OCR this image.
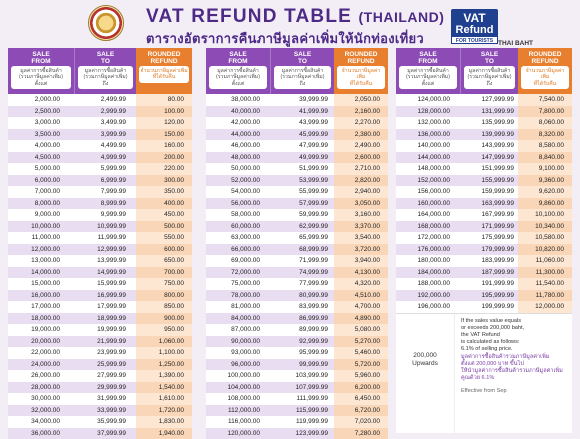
VAT REFUND TABLE (THAILAND)
ตารางอัตราการคืนภาษีมูลค่าเพิ่มให้นักท่องเที่ยว
VAT
Refund
FOR TOURISTS THAI BAHT
SALE
FROM
มูลค่าการซื้อสินค้า
(รวมภาษีมูลค่าเพิ่ม)
ตั้งแต่
SALE
TO
มูลค่าการซื้อสินค้า
(รวมภาษีมูลค่าเพิ่ม)
ถึง
ROUNDED
REFUND
จำนวนภาษีมูลค่าเพิ่ม
ที่ได้รับคืน
2,000.00	2,499.99	80.00
2,500.00	2,999.99	100.00
3,000.00	3,499.99	120.00
3,500.00	3,999.99	150.00
4,000.00	4,499.99	160.00
4,500.00	4,999.99	200.00
5,000.00	5,999.99	220.00
6,000.00	6,999.99	300.00
7,000.00	7,999.99	350.00
8,000.00	8,999.99	400.00
9,000.00	9,999.99	450.00
10,000.00	10,999.99	500.00
11,000.00	11,999.99	550.00
12,000.00	12,999.99	600.00
13,000.00	13,999.99	650.00
14,000.00	14,999.99	700.00
15,000.00	15,999.99	750.00
16,000.00	16,999.99	800.00
17,000.00	17,999.99	850.00
18,000.00	18,999.99	900.00
19,000.00	19,999.99	950.00
20,000.00	21,999.99	1,060.00
22,000.00	23,999.99	1,100.00
24,000.00	25,999.99	1,250.00
26,000.00	27,999.99	1,390.00
28,000.00	29,999.99	1,540.00
30,000.00	31,999.99	1,610.00
32,000.00	33,999.99	1,720.00
34,000.00	35,999.99	1,830.00
36,000.00	37,999.99	1,940.00
SALE
FROM
มูลค่าการซื้อสินค้า
(รวมภาษีมูลค่าเพิ่ม)
ตั้งแต่
SALE
TO
มูลค่าการซื้อสินค้า
(รวมภาษีมูลค่าเพิ่ม)
ถึง
ROUNDED
REFUND
จำนวนภาษีมูลค่าเพิ่ม
ที่ได้รับคืน
38,000.00	39,999.99	2,050.00
40,000.00	41,999.99	2,160.00
42,000.00	43,999.99	2,270.00
44,000.00	45,999.99	2,380.00
46,000.00	47,999.99	2,490.00
48,000.00	49,999.99	2,600.00
50,000.00	51,999.99	2,710.00
52,000.00	53,999.99	2,820.00
54,000.00	55,999.99	2,940.00
56,000.00	57,999.99	3,050.00
58,000.00	59,999.99	3,160.00
60,000.00	62,999.99	3,370.00
63,000.00	65,999.99	3,540.00
66,000.00	68,999.99	3,720.00
69,000.00	71,999.99	3,940.00
72,000.00	74,999.99	4,130.00
75,000.00	77,999.99	4,320.00
78,000.00	80,999.99	4,510.00
81,000.00	83,999.99	4,700.00
84,000.00	86,999.99	4,890.00
87,000.00	89,999.99	5,080.00
90,000.00	92,999.99	5,270.00
93,000.00	95,999.99	5,460.00
96,000.00	99,999.99	5,720.00
100,000.00	103,999.99	5,960.00
104,000.00	107,999.99	6,200.00
108,000.00	111,999.99	6,450.00
112,000.00	115,999.99	6,720.00
116,000.00	119,999.99	7,020.00
120,000.00	123,999.99	7,280.00
SALE
FROM
มูลค่าการซื้อสินค้า
(รวมภาษีมูลค่าเพิ่ม)
ตั้งแต่
SALE
TO
มูลค่าการซื้อสินค้า
(รวมภาษีมูลค่าเพิ่ม)
ถึง
ROUNDED
REFUND
จำนวนภาษีมูลค่าเพิ่ม
ที่ได้รับคืน
124,000.00	127,999.99	7,540.00
128,000.00	131,999.99	7,800.00
132,000.00	135,999.99	8,060.00
136,000.00	139,999.99	8,320.00
140,000.00	143,999.99	8,580.00
144,000.00	147,999.99	8,840.00
148,000.00	151,999.99	9,100.00
152,000.00	155,999.99	9,360.00
156,000.00	159,999.99	9,620.00
160,000.00	163,999.99	9,860.00
164,000.00	167,999.99	10,100.00
168,000.00	171,999.99	10,340.00
172,000.00	175,999.99	10,580.00
176,000.00	179,999.99	10,820.00
180,000.00	183,999.99	11,060.00
184,000.00	187,999.99	11,300.00
188,000.00	191,999.99	11,540.00
192,000.00	195,999.99	11,780.00
196,000.00	199,999.99	12,000.00
200,000
Upwards
If the sales value equals
or exceeds 200,000 baht,
the VAT Refund
is calculated as follows:
6.1% of selling price.
มูลค่าการซื้อสินค้ารวมภาษีมูลค่าเพิ่ม
ตั้งแต่ 200,000 บาท ขึ้นไป
ให้นำมูลค่าการซื้อสินค้ารวมภาษีมูลค่าเพิ่ม
คูณด้วย 6.1%
Effective from Sep
